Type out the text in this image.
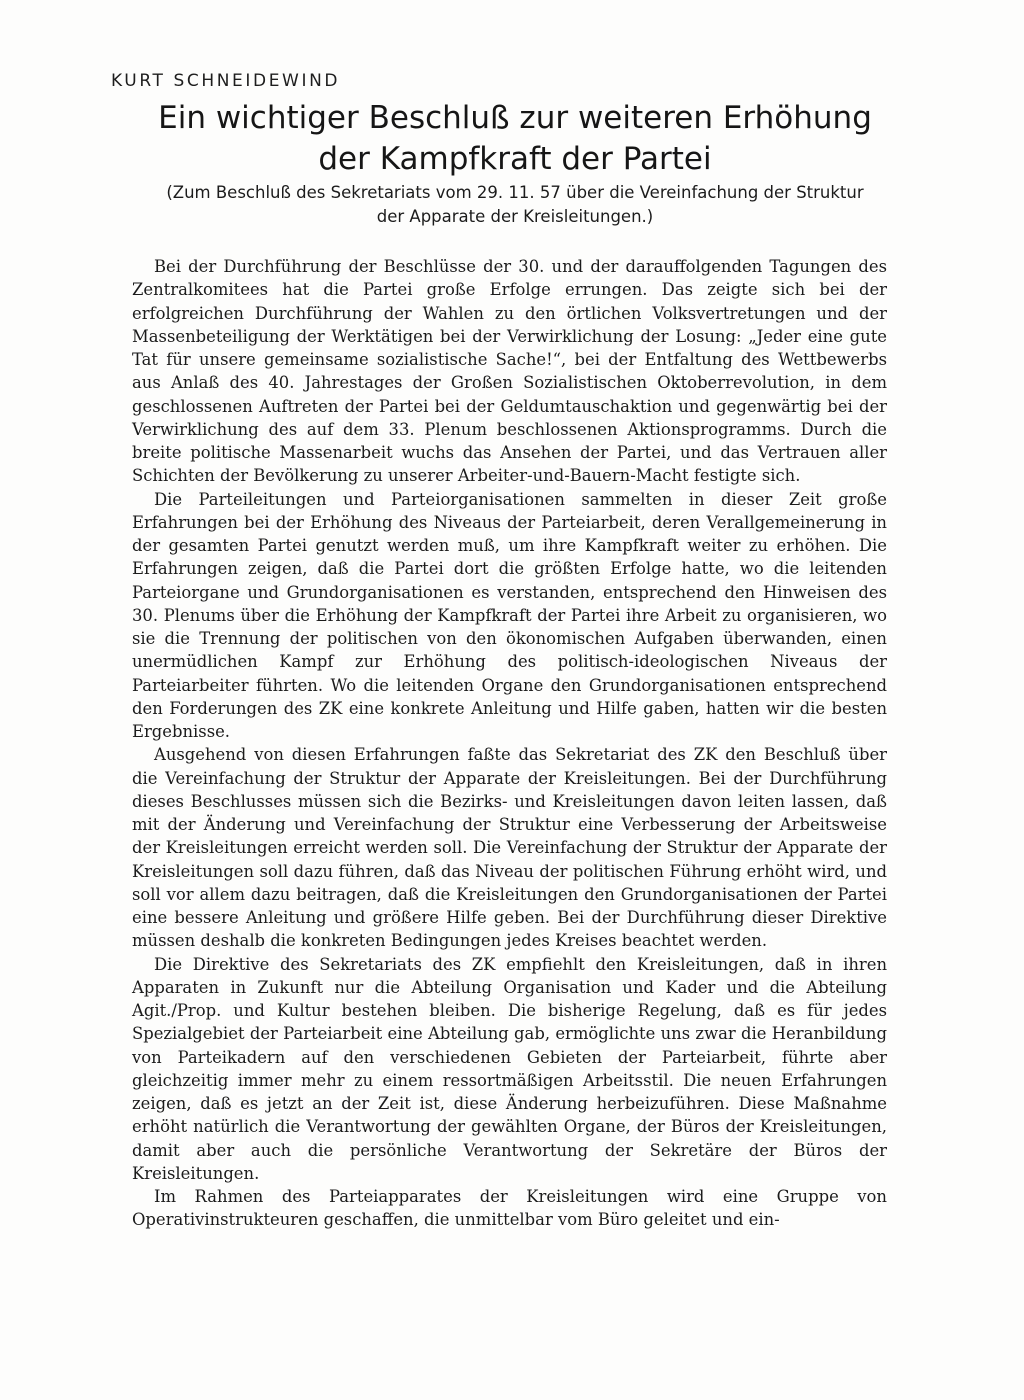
KURT SCHNEIDEWIND
Ein wichtiger Beschluß zur weiteren Erhöhung
der Kampfkraft der Partei
(Zum Beschluß des Sekretariats vom 29. 11. 57 über die Vereinfachung der Struktur
der Apparate der Kreisleitungen.)

Bei der Durchführung der Beschlüsse der 30. und der darauffolgenden Tagungen des Zentralkomitees hat die Partei große Erfolge errungen. Das zeigte sich bei der erfolgreichen Durchführung der Wahlen zu den örtlichen Volksvertretungen und der Massenbeteiligung der Werktätigen bei der Verwirklichung der Losung: „Jeder eine gute Tat für unsere gemeinsame sozialistische Sache!“, bei der Entfaltung des Wettbewerbs aus Anlaß des 40. Jahrestages der Großen Sozialistischen Oktoberrevolution, in dem geschlossenen Auftreten der Partei bei der Geldumtauschaktion und gegenwärtig bei der Verwirklichung des auf dem 33. Plenum beschlossenen Aktionsprogramms. Durch die breite politische Massenarbeit wuchs das Ansehen der Partei, und das Vertrauen aller Schichten der Bevölkerung zu unserer Arbeiter-und-Bauern-Macht festigte sich.

Die Parteileitungen und Parteiorganisationen sammelten in dieser Zeit große Erfahrungen bei der Erhöhung des Niveaus der Parteiarbeit, deren Verallgemeinerung in der gesamten Partei genutzt werden muß, um ihre Kampfkraft weiter zu erhöhen. Die Erfahrungen zeigen, daß die Partei dort die größten Erfolge hatte, wo die leitenden Parteiorgane und Grundorganisationen es verstanden, entsprechend den Hinweisen des 30. Plenums über die Erhöhung der Kampfkraft der Partei ihre Arbeit zu organisieren, wo sie die Trennung der politischen von den ökonomischen Aufgaben überwanden, einen unermüdlichen Kampf zur Erhöhung des politisch-ideologischen Niveaus der Parteiarbeiter führten. Wo die leitenden Organe den Grundorganisationen entsprechend den Forderungen des ZK eine konkrete Anleitung und Hilfe gaben, hatten wir die besten Ergebnisse.

Ausgehend von diesen Erfahrungen faßte das Sekretariat des ZK den Beschluß über die Vereinfachung der Struktur der Apparate der Kreisleitungen. Bei der Durchführung dieses Beschlusses müssen sich die Bezirks- und Kreisleitungen davon leiten lassen, daß mit der Änderung und Vereinfachung der Struktur eine Verbesserung der Arbeitsweise der Kreisleitungen erreicht werden soll. Die Vereinfachung der Struktur der Apparate der Kreisleitungen soll dazu führen, daß das Niveau der politischen Führung erhöht wird, und soll vor allem dazu beitragen, daß die Kreisleitungen den Grundorganisationen der Partei eine bessere Anleitung und größere Hilfe geben. Bei der Durchführung dieser Direktive müssen deshalb die konkreten Bedingungen jedes Kreises beachtet werden.

Die Direktive des Sekretariats des ZK empfiehlt den Kreisleitungen, daß in ihren Apparaten in Zukunft nur die Abteilung Organisation und Kader und die Abteilung Agit./Prop. und Kultur bestehen bleiben. Die bisherige Regelung, daß es für jedes Spezialgebiet der Parteiarbeit eine Abteilung gab, ermöglichte uns zwar die Heranbildung von Parteikadern auf den verschiedenen Gebieten der Parteiarbeit, führte aber gleichzeitig immer mehr zu einem ressortmäßigen Arbeitsstil. Die neuen Erfahrungen zeigen, daß es jetzt an der Zeit ist, diese Änderung herbeizuführen. Diese Maßnahme erhöht natürlich die Verantwortung der gewählten Organe, der Büros der Kreisleitungen, damit aber auch die persönliche Verantwortung der Sekretäre der Büros der Kreisleitungen.

Im Rahmen des Parteiapparates der Kreisleitungen wird eine Gruppe von Operativinstrukteuren geschaffen, die unmittelbar vom Büro geleitet und ein-
